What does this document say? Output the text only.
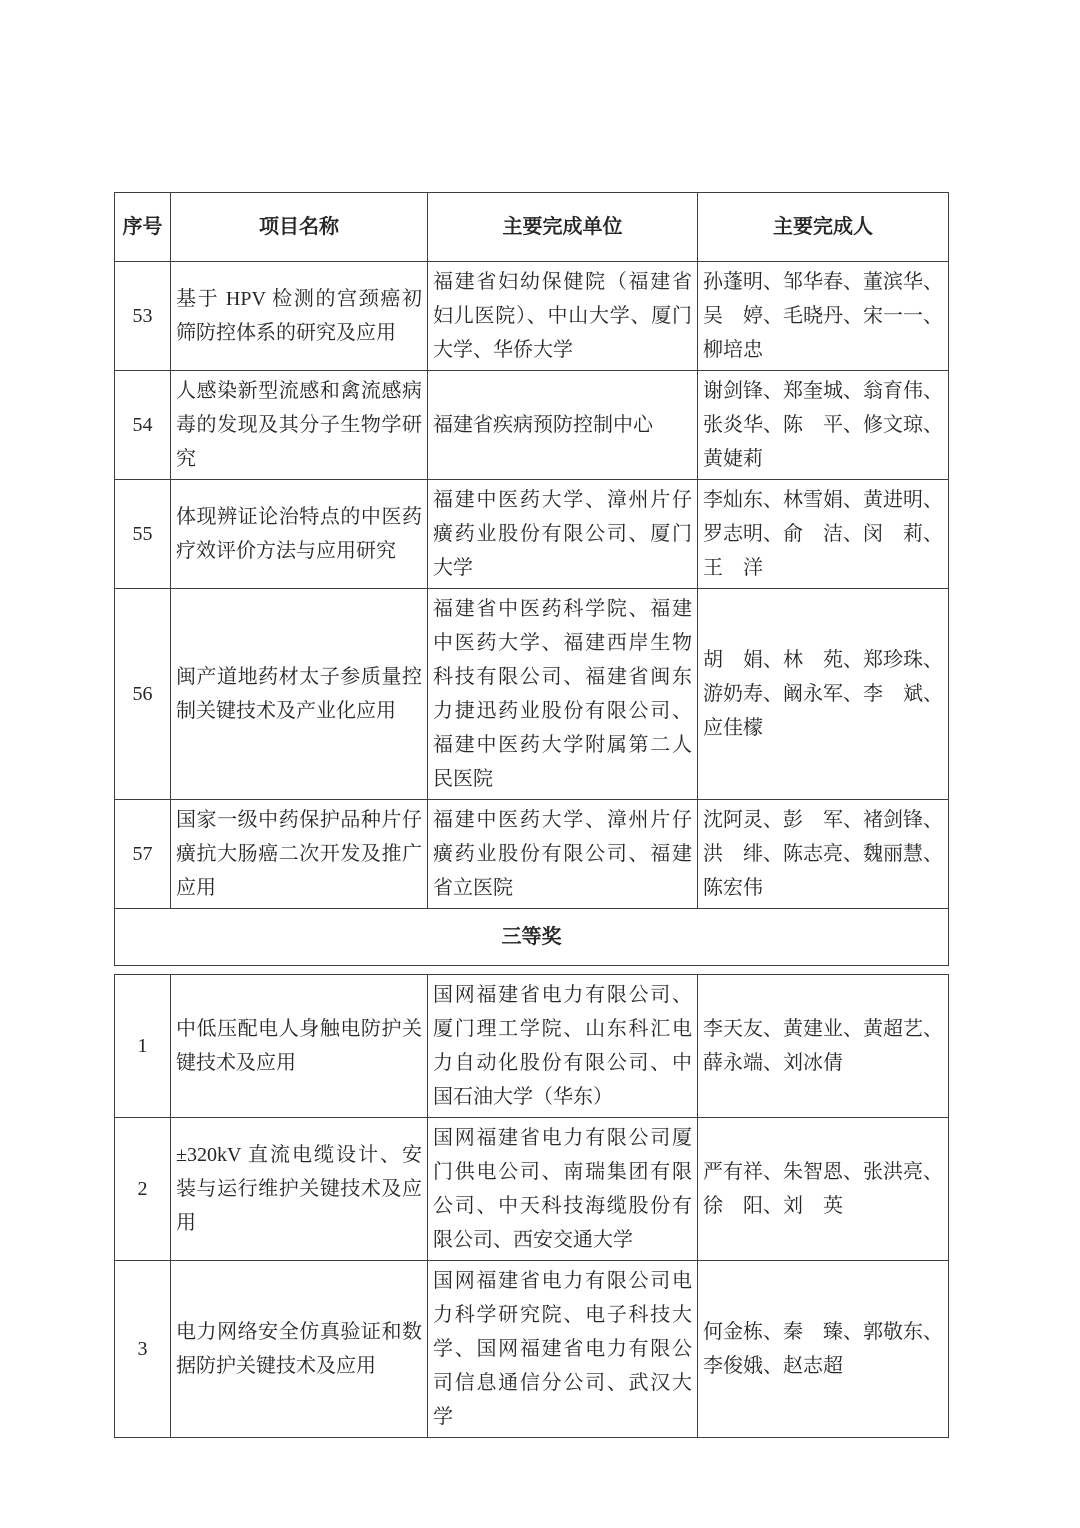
序号	项目名称	主要完成单位	主要完成人
53	基于 HPV 检测的宫颈癌初筛防控体系的研究及应用	福建省妇幼保健院（福建省妇儿医院）、中山大学、厦门大学、华侨大学	孙蓬明、邹华春、董滨华、吴　婷、毛晓丹、宋一一、柳培忠
54	人感染新型流感和禽流感病毒的发现及其分子生物学研究	福建省疾病预防控制中心	谢剑锋、郑奎城、翁育伟、张炎华、陈　平、修文琼、黄婕莉
55	体现辨证论治特点的中医药疗效评价方法与应用研究	福建中医药大学、漳州片仔癀药业股份有限公司、厦门大学	李灿东、林雪娟、黄进明、罗志明、俞　洁、闵　莉、王　洋
56	闽产道地药材太子参质量控制关键技术及产业化应用	福建省中医药科学院、福建中医药大学、福建西岸生物科技有限公司、福建省闽东力捷迅药业股份有限公司、福建中医药大学附属第二人民医院	胡　娟、林　苑、郑珍珠、游奶寿、阚永军、李　斌、应佳檬
57	国家一级中药保护品种片仔癀抗大肠癌二次开发及推广应用	福建中医药大学、漳州片仔癀药业股份有限公司、福建省立医院	沈阿灵、彭　军、褚剑锋、洪　绯、陈志亮、魏丽慧、陈宏伟
三等奖			
1	中低压配电人身触电防护关键技术及应用	国网福建省电力有限公司、厦门理工学院、山东科汇电力自动化股份有限公司、中国石油大学（华东）	李天友、黄建业、黄超艺、薛永端、刘冰倩
2	±320kV 直流电缆设计、安装与运行维护关键技术及应用	国网福建省电力有限公司厦门供电公司、南瑞集团有限公司、中天科技海缆股份有限公司、西安交通大学	严有祥、朱智恩、张洪亮、徐　阳、刘　英
3	电力网络安全仿真验证和数据防护关键技术及应用	国网福建省电力有限公司电力科学研究院、电子科技大学、国网福建省电力有限公司信息通信分公司、武汉大学	何金栋、秦　臻、郭敬东、李俊娥、赵志超
